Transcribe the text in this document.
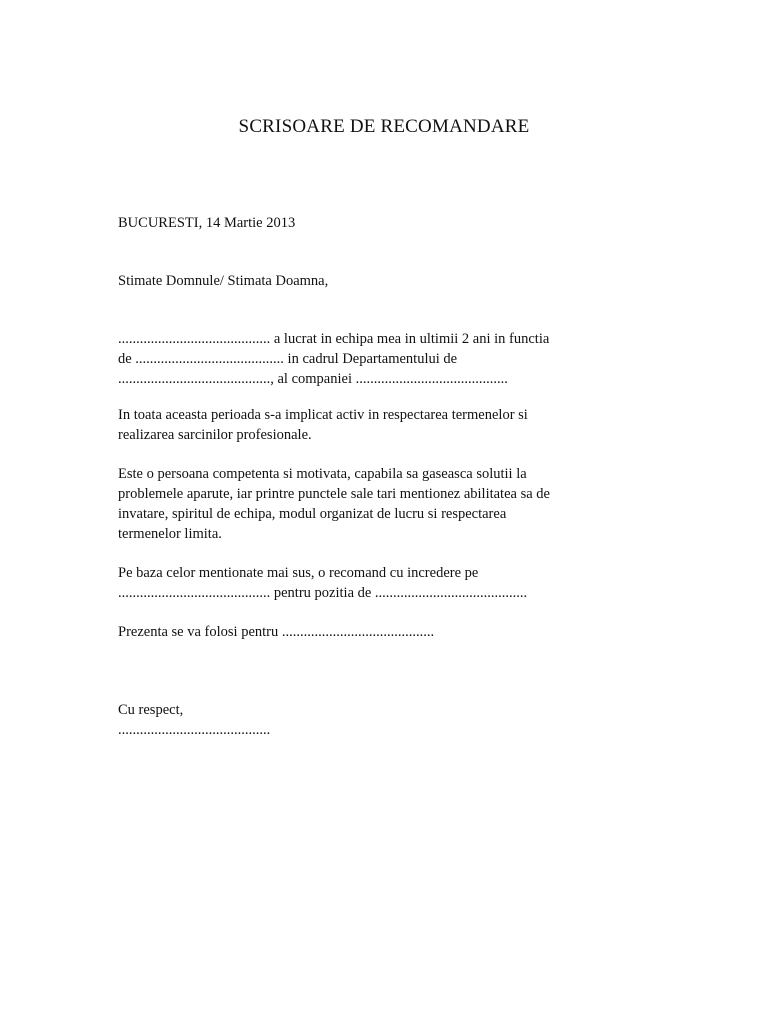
SCRISOARE DE RECOMANDARE

BUCURESTI, 14 Martie 2013

Stimate Domnule/ Stimata Doamna,

.......................................... a lucrat in echipa mea in ultimii 2 ani in functia
de ......................................... in cadrul Departamentului de
.........................................., al companiei ..........................................
In toata aceasta perioada s-a implicat activ in respectarea termenelor si
realizarea sarcinilor profesionale.
Este o persoana competenta si motivata, capabila sa gaseasca solutii la
problemele aparute, iar printre punctele sale tari mentionez abilitatea sa de
invatare, spiritul de echipa, modul organizat de lucru si respectarea
termenelor limita.
Pe baza celor mentionate mai sus, o recomand cu incredere pe
.......................................... pentru pozitia de ..........................................

Prezenta se va folosi pentru ..........................................

Cu respect,

..........................................
